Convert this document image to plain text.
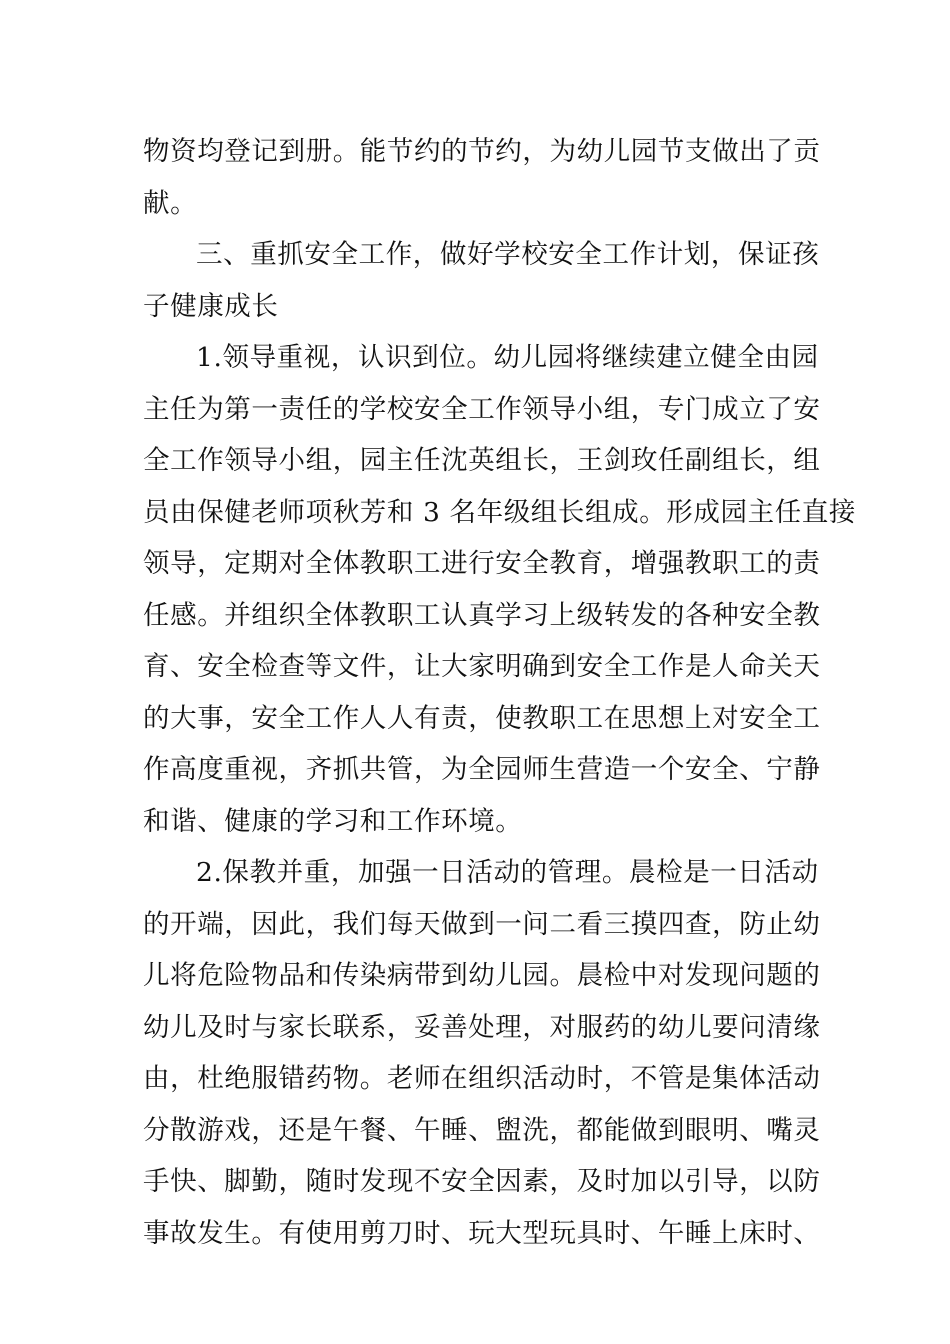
物资均登记到册。能节约的节约，为幼儿园节支做出了贡
献。
三、重抓安全工作，做好学校安全工作计划，保证孩
子健康成长
1.领导重视，认识到位。幼儿园将继续建立健全由园
主任为第一责任的学校安全工作领导小组，专门成立了安
全工作领导小组，园主任沈英组长，王剑玫任副组长，组
员由保健老师项秋芳和 3 名年级组长组成。形成园主任直接
领导，定期对全体教职工进行安全教育，增强教职工的责
任感。并组织全体教职工认真学习上级转发的各种安全教
育、安全检查等文件，让大家明确到安全工作是人命关天
的大事，安全工作人人有责，使教职工在思想上对安全工
作高度重视，齐抓共管，为全园师生营造一个安全、宁静
和谐、健康的学习和工作环境。
2.保教并重，加强一日活动的管理。晨检是一日活动
的开端，因此，我们每天做到一问二看三摸四查，防止幼
儿将危险物品和传染病带到幼儿园。晨检中对发现问题的
幼儿及时与家长联系，妥善处理，对服药的幼儿要问清缘
由，杜绝服错药物。老师在组织活动时，不管是集体活动
分散游戏，还是午餐、午睡、盥洗，都能做到眼明、嘴灵
手快、脚勤，随时发现不安全因素，及时加以引导，以防
事故发生。有使用剪刀时、玩大型玩具时、午睡上床时、
